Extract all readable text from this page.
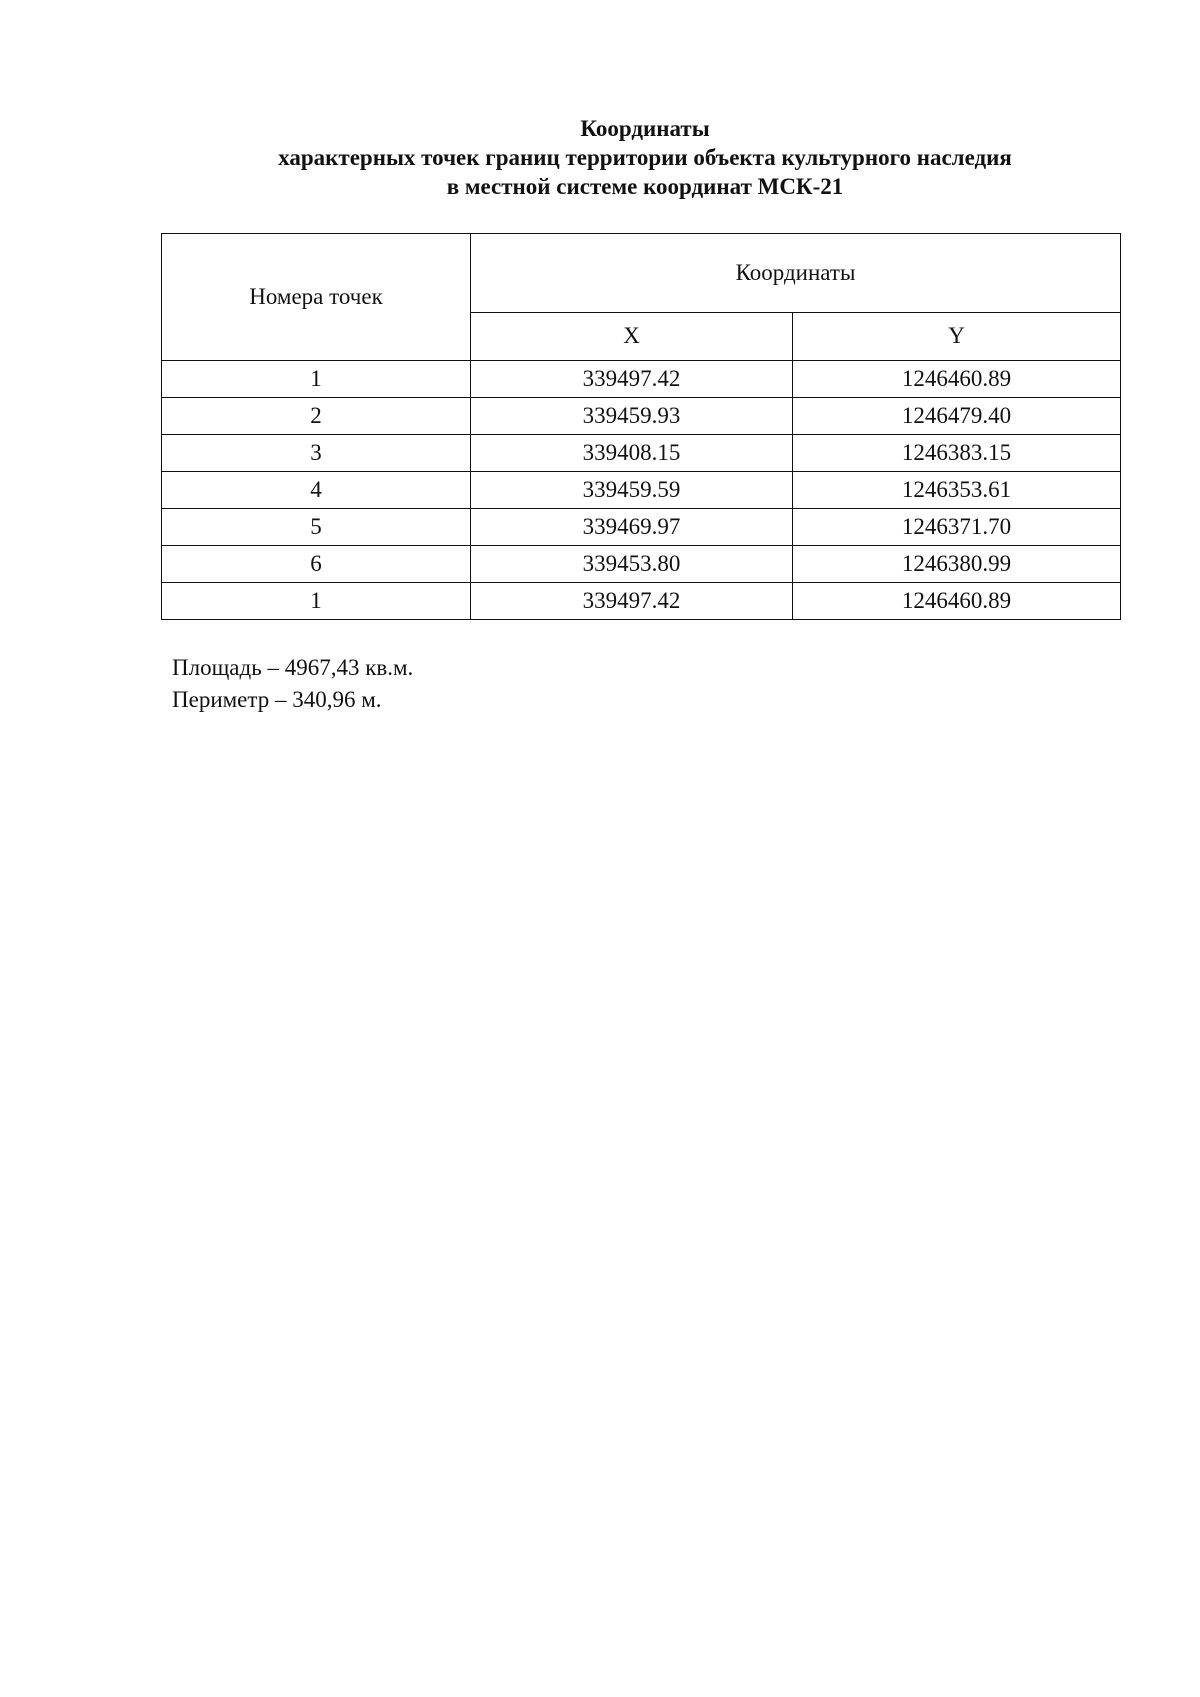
Координаты
характерных точек границ территории объекта культурного наследия
в местной системе координат МСК-21
Номера точек	Координаты	
	X	Y
1	339497.42	1246460.89
2	339459.93	1246479.40
3	339408.15	1246383.15
4	339459.59	1246353.61
5	339469.97	1246371.70
6	339453.80	1246380.99
1	339497.42	1246460.89
Площадь – 4967,43 кв.м.
Периметр – 340,96 м.
